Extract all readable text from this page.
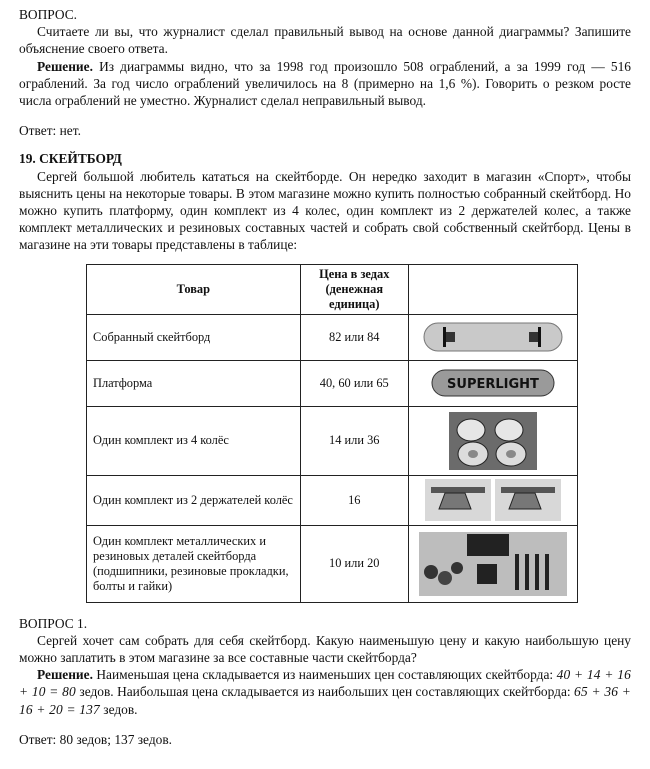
ВОПРОС.

Считаете ли вы, что журналист сделал правильный вывод на основе данной диаграммы? Запишите объяснение своего ответа.

Решение. Из диаграммы видно, что за 1998 год произошло 508 ограблений, а за 1999 год — 516 ограблений. За год число ограблений увеличилось на 8 (примерно на 1,6 %). Говорить о резком росте числа ограблений не уместно. Журналист сделал неправильный вывод.

Ответ: нет.

19. СКЕЙТБОРД

Сергей большой любитель кататься на скейтборде. Он нередко заходит в магазин «Спорт», чтобы выяснить цены на некоторые товары. В этом магазине можно купить полностью собранный скейтборд. Но можно купить платформу, один комплект из 4 колес, один комплект из 2 держателей колес, а также комплект металлических и резиновых составных частей и собрать свой собственный скейтборд. Цены в магазине на эти товары представлены в таблице:

Товар	Цена в зедах (денежная единица)	
Собранный скейтборд	82 или 84	

Платформа	40, 60 или 65	SUPERLIGHT

Один комплект из 4 колёс	14 или 36	

Один комплект из 2 держателей колёс	16	

Один комплект металлических и резиновых деталей скейтборда (подшипники, резиновые прокладки, болты и гайки)	10 или 20	

ВОПРОС 1.

Сергей хочет сам собрать для себя скейтборд. Какую наименьшую цену и какую наибольшую цену можно заплатить в этом магазине за все составные части скейтборда?

Решение. Наименьшая цена складывается из наименьших цен составляющих скейтборда: 40 + 14 + 16 + 10 = 80 зедов. Наибольшая цена складывается из наибольших цен составляющих скейтборда: 65 + 36 + 16 + 20 = 137 зедов.

Ответ: 80 зедов; 137 зедов.
